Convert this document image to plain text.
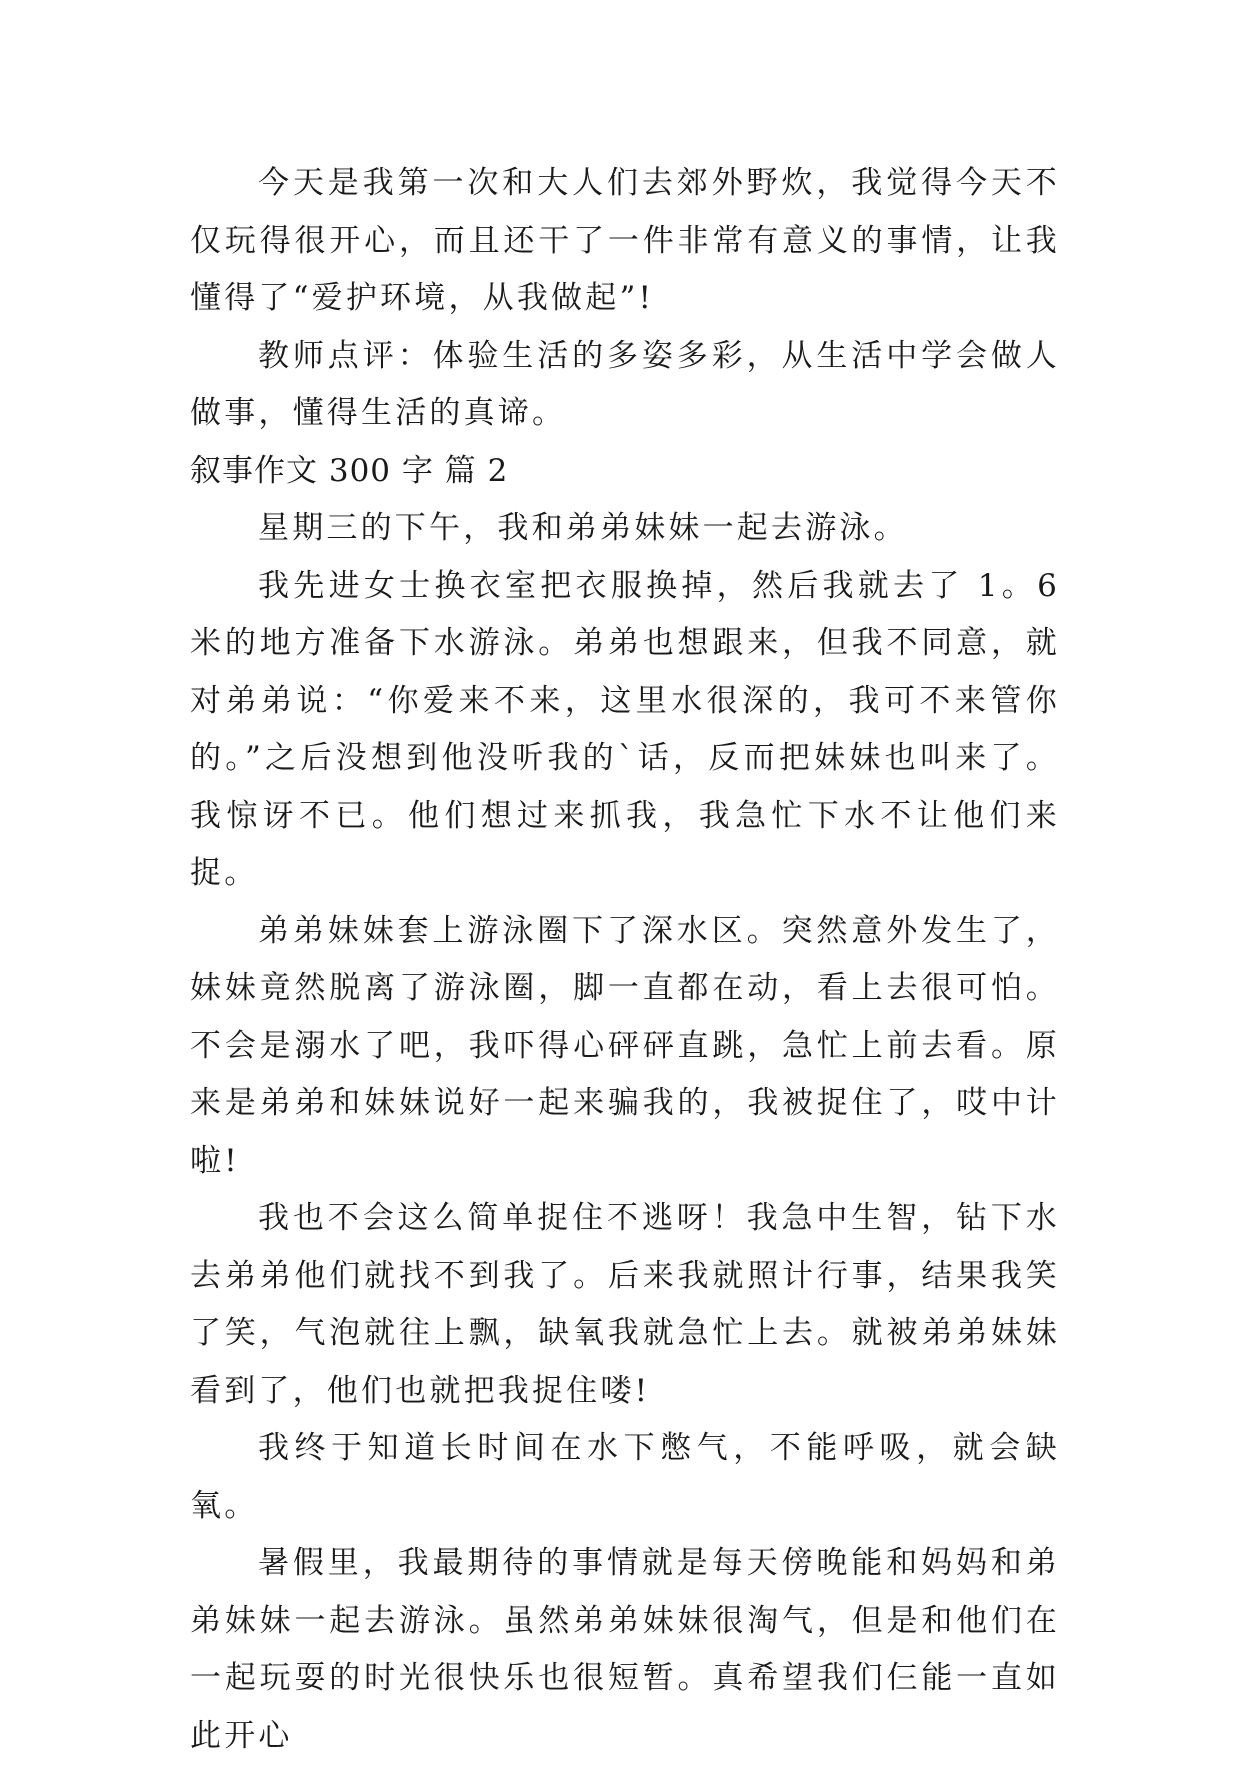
今天是我第一次和大人们去郊外野炊，我觉得今天不仅玩得很开心，而且还干了一件非常有意义的事情，让我懂得了“爱护环境，从我做起”!

教师点评：体验生活的多姿多彩，从生活中学会做人做事，懂得生活的真谛。

叙事作文 300 字 篇 2

星期三的下午，我和弟弟妹妹一起去游泳。

我先进女士换衣室把衣服换掉，然后我就去了 1。6 米的地方准备下水游泳。弟弟也想跟来，但我不同意，就对弟弟说：“你爱来不来，这里水很深的，我可不来管你的。”之后没想到他没听我的`话，反而把妹妹也叫来了。我惊讶不已。他们想过来抓我，我急忙下水不让他们来捉。

弟弟妹妹套上游泳圈下了深水区。突然意外发生了，妹妹竟然脱离了游泳圈，脚一直都在动，看上去很可怕。不会是溺水了吧，我吓得心砰砰直跳，急忙上前去看。原来是弟弟和妹妹说好一起来骗我的，我被捉住了，哎中计啦!

我也不会这么简单捉住不逃呀！我急中生智，钻下水去弟弟他们就找不到我了。后来我就照计行事，结果我笑了笑，气泡就往上飘，缺氧我就急忙上去。就被弟弟妹妹看到了，他们也就把我捉住喽!

我终于知道长时间在水下憋气，不能呼吸，就会缺氧。

暑假里，我最期待的事情就是每天傍晚能和妈妈和弟弟妹妹一起去游泳。虽然弟弟妹妹很淘气，但是和他们在一起玩耍的时光很快乐也很短暂。真希望我们仨能一直如此开心
